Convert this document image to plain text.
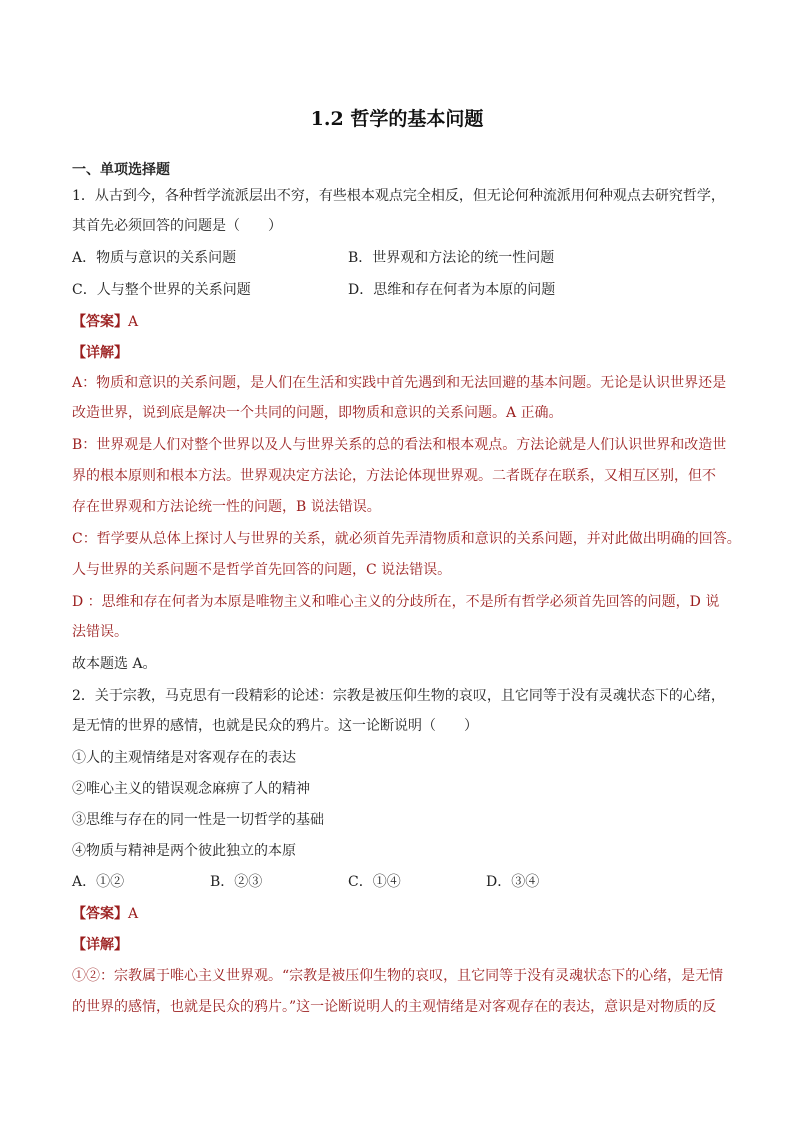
1.2 哲学的基本问题
一、单项选择题
1．从古到今，各种哲学流派层出不穷，有些根本观点完全相反，但无论何种流派用何种观点去研究哲学，
其首先必须回答的问题是（　　）
A．物质与意识的关系问题	B．世界观和方法论的统一性问题
C．人与整个世界的关系问题	D．思维和存在何者为本原的问题
【答案】A
【详解】
A：物质和意识的关系问题，是人们在生活和实践中首先遇到和无法回避的基本问题。无论是认识世界还是
改造世界，说到底是解决一个共同的问题，即物质和意识的关系问题。A 正确。
B：世界观是人们对整个世界以及人与世界关系的总的看法和根本观点。方法论就是人们认识世界和改造世
界的根本原则和根本方法。世界观决定方法论，方法论体现世界观。二者既存在联系，又相互区别，但不
存在世界观和方法论统一性的问题，B 说法错误。
C：哲学要从总体上探讨人与世界的关系，就必须首先弄清物质和意识的关系问题，并对此做出明确的回答。
人与世界的关系问题不是哲学首先回答的问题，C 说法错误。
D ：思维和存在何者为本原是唯物主义和唯心主义的分歧所在，不是所有哲学必须首先回答的问题，D 说
法错误。
故本题选 A。
2．关于宗教，马克思有一段精彩的论述：宗教是被压仰生物的哀叹，且它同等于没有灵魂状态下的心绪，
是无情的世界的感情，也就是民众的鸦片。这一论断说明（　　）
①人的主观情绪是对客观存在的表达
②唯心主义的错误观念麻痹了人的精神
③思维与存在的同一性是一切哲学的基础
④物质与精神是两个彼此独立的本原
A．①②	B．②③	C．①④	D．③④
【答案】A
【详解】
①②：宗教属于唯心主义世界观。“宗教是被压仰生物的哀叹，且它同等于没有灵魂状态下的心绪，是无情
的世界的感情，也就是民众的鸦片。”这一论断说明人的主观情绪是对客观存在的表达，意识是对物质的反
